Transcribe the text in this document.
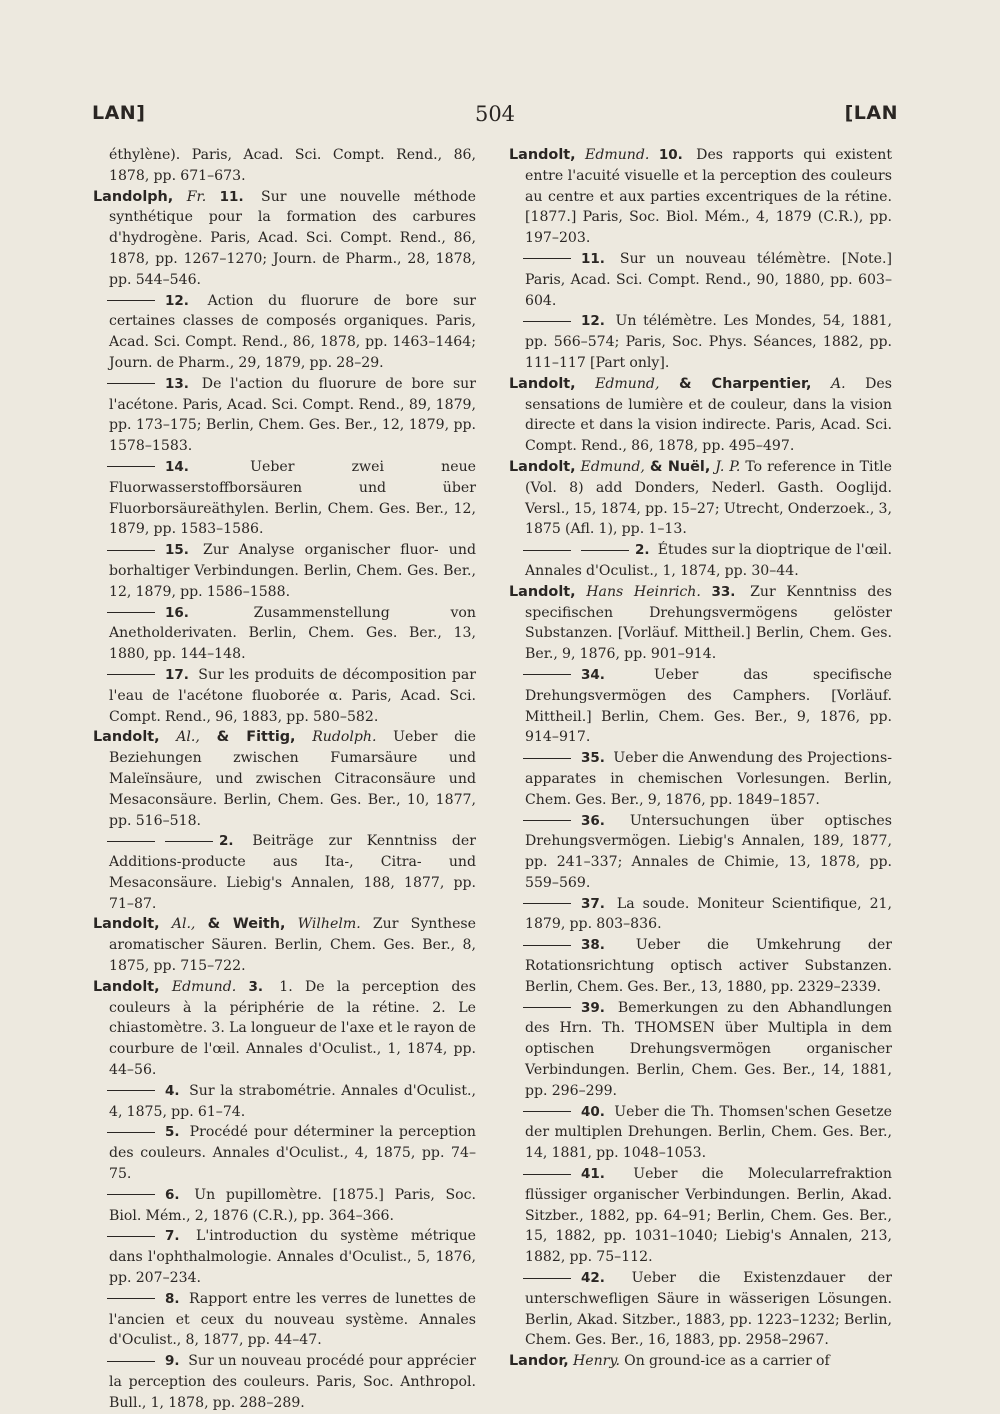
LAN]	504	[LAN
éthylène). Paris, Acad. Sci. Compt. Rend., 86, 1878, pp. 671–673.
Landolph, Fr. 11. Sur une nouvelle méthode synthétique pour la formation des carbures d'hydrogène. Paris, Acad. Sci. Compt. Rend., 86, 1878, pp. 1267–1270; Journ. de Pharm., 28, 1878, pp. 544–546.
12. Action du fluorure de bore sur certaines classes de composés organiques. Paris, Acad. Sci. Compt. Rend., 86, 1878, pp. 1463–1464; Journ. de Pharm., 29, 1879, pp. 28–29.
13. De l'action du fluorure de bore sur l'acétone. Paris, Acad. Sci. Compt. Rend., 89, 1879, pp. 173–175; Berlin, Chem. Ges. Ber., 12, 1879, pp. 1578–1583.
14.	Ueber zwei neue Fluorwasserstoffborsäuren und über Fluorborsäureäthylen. Berlin, Chem. Ges. Ber., 12, 1879, pp. 1583–1586.
15. Zur Analyse organischer fluor- und borhaltiger Verbindungen. Berlin, Chem. Ges. Ber., 12, 1879, pp. 1586–1588.
16.	Zusammenstellung von Anetholderivaten. Berlin, Chem. Ges. Ber., 13, 1880, pp. 144–148.
17. Sur les produits de décomposition par l'eau de l'acétone fluoborée α. Paris, Acad. Sci. Compt. Rend., 96, 1883, pp. 580–582.
Landolt, Al., & Fittig, Rudolph. Ueber die Beziehungen zwischen Fumarsäure und Maleïnsäure, und zwischen Citraconsäure und Mesaconsäure. Berlin, Chem. Ges. Ber., 10, 1877, pp. 516–518.
2. Beiträge zur Kenntniss der Additions-producte aus Ita-, Citra- und Mesaconsäure. Liebig's Annalen, 188, 1877, pp. 71–87.
Landolt, Al., & Weith, Wilhelm. Zur Synthese aromatischer Säuren. Berlin, Chem. Ges. Ber., 8, 1875, pp. 715–722.
Landolt, Edmund. 3. 1. De la perception des couleurs à la périphérie de la rétine. 2. Le chiastomètre. 3. La longueur de l'axe et le rayon de courbure de l'œil. Annales d'Oculist., 1, 1874, pp. 44–56.
4. Sur la strabométrie. Annales d'Oculist., 4, 1875, pp. 61–74.
5. Procédé pour déterminer la perception des couleurs. Annales d'Oculist., 4, 1875, pp. 74–75.
6. Un pupillomètre. [1875.] Paris, Soc. Biol. Mém., 2, 1876 (C.R.), pp. 364–366.
7. L'introduction du système métrique dans l'ophthalmologie. Annales d'Oculist., 5, 1876, pp. 207–234.
8. Rapport entre les verres de lunettes de l'ancien et ceux du nouveau système. Annales d'Oculist., 8, 1877, pp. 44–47.
9. Sur un nouveau procédé pour apprécier la perception des couleurs. Paris, Soc. Anthropol. Bull., 1, 1878, pp. 288–289.
Landolt, Edmund. 10. Des rapports qui existent entre l'acuité visuelle et la perception des couleurs au centre et aux parties excentriques de la rétine. [1877.] Paris, Soc. Biol. Mém., 4, 1879 (C.R.), pp. 197–203.
11. Sur un nouveau télémètre. [Note.] Paris, Acad. Sci. Compt. Rend., 90, 1880, pp. 603–604.
12. Un télémètre. Les Mondes, 54, 1881, pp. 566–574; Paris, Soc. Phys. Séances, 1882, pp. 111–117 [Part only].
Landolt, Edmund, & Charpentier, A. Des sensations de lumière et de couleur, dans la vision directe et dans la vision indirecte. Paris, Acad. Sci. Compt. Rend., 86, 1878, pp. 495–497.
Landolt, Edmund, & Nuël, J. P. To reference in Title (Vol. 8) add Donders, Nederl. Gasth. Ooglijd. Versl., 15, 1874, pp. 15–27; Utrecht, Onderzoek., 3, 1875 (Afl. 1), pp. 1–13.
2. Études sur la dioptrique de l'œil. Annales d'Oculist., 1, 1874, pp. 30–44.
Landolt, Hans Heinrich. 33. Zur Kenntniss des specifischen Drehungsvermögens gelöster Substanzen. [Vorläuf. Mittheil.] Berlin, Chem. Ges. Ber., 9, 1876, pp. 901–914.
34.	Ueber das specifische Drehungsvermögen des Camphers. [Vorläuf. Mittheil.] Berlin, Chem. Ges. Ber., 9, 1876, pp. 914–917.
35. Ueber die Anwendung des Projections-apparates in chemischen Vorlesungen. Berlin, Chem. Ges. Ber., 9, 1876, pp. 1849–1857.
36. Untersuchungen über optisches Drehungsvermögen. Liebig's Annalen, 189, 1877, pp. 241–337; Annales de Chimie, 13, 1878, pp. 559–569.
37. La soude. Moniteur Scientifique, 21, 1879, pp. 803–836.
38. Ueber die Umkehrung der Rotationsrichtung optisch activer Substanzen. Berlin, Chem. Ges. Ber., 13, 1880, pp. 2329–2339.
39. Bemerkungen zu den Abhandlungen des Hrn. Th. THOMSEN über Multipla in dem optischen Drehungsvermögen organischer Verbindungen. Berlin, Chem. Ges. Ber., 14, 1881, pp. 296–299.
40. Ueber die Th. Thomsen'schen Gesetze der multiplen Drehungen. Berlin, Chem. Ges. Ber., 14, 1881, pp. 1048–1053.
41. Ueber die Molecularrefraktion flüssiger organischer Verbindungen. Berlin, Akad. Sitzber., 1882, pp. 64–91; Berlin, Chem. Ges. Ber., 15, 1882, pp. 1031–1040; Liebig's Annalen, 213, 1882, pp. 75–112.
42. Ueber die Existenzdauer der unterschwefligen Säure in wässerigen Lösungen. Berlin, Akad. Sitzber., 1883, pp. 1223–1232; Berlin, Chem. Ges. Ber., 16, 1883, pp. 2958–2967.
Landor, Henry. On ground-ice as a carrier of
